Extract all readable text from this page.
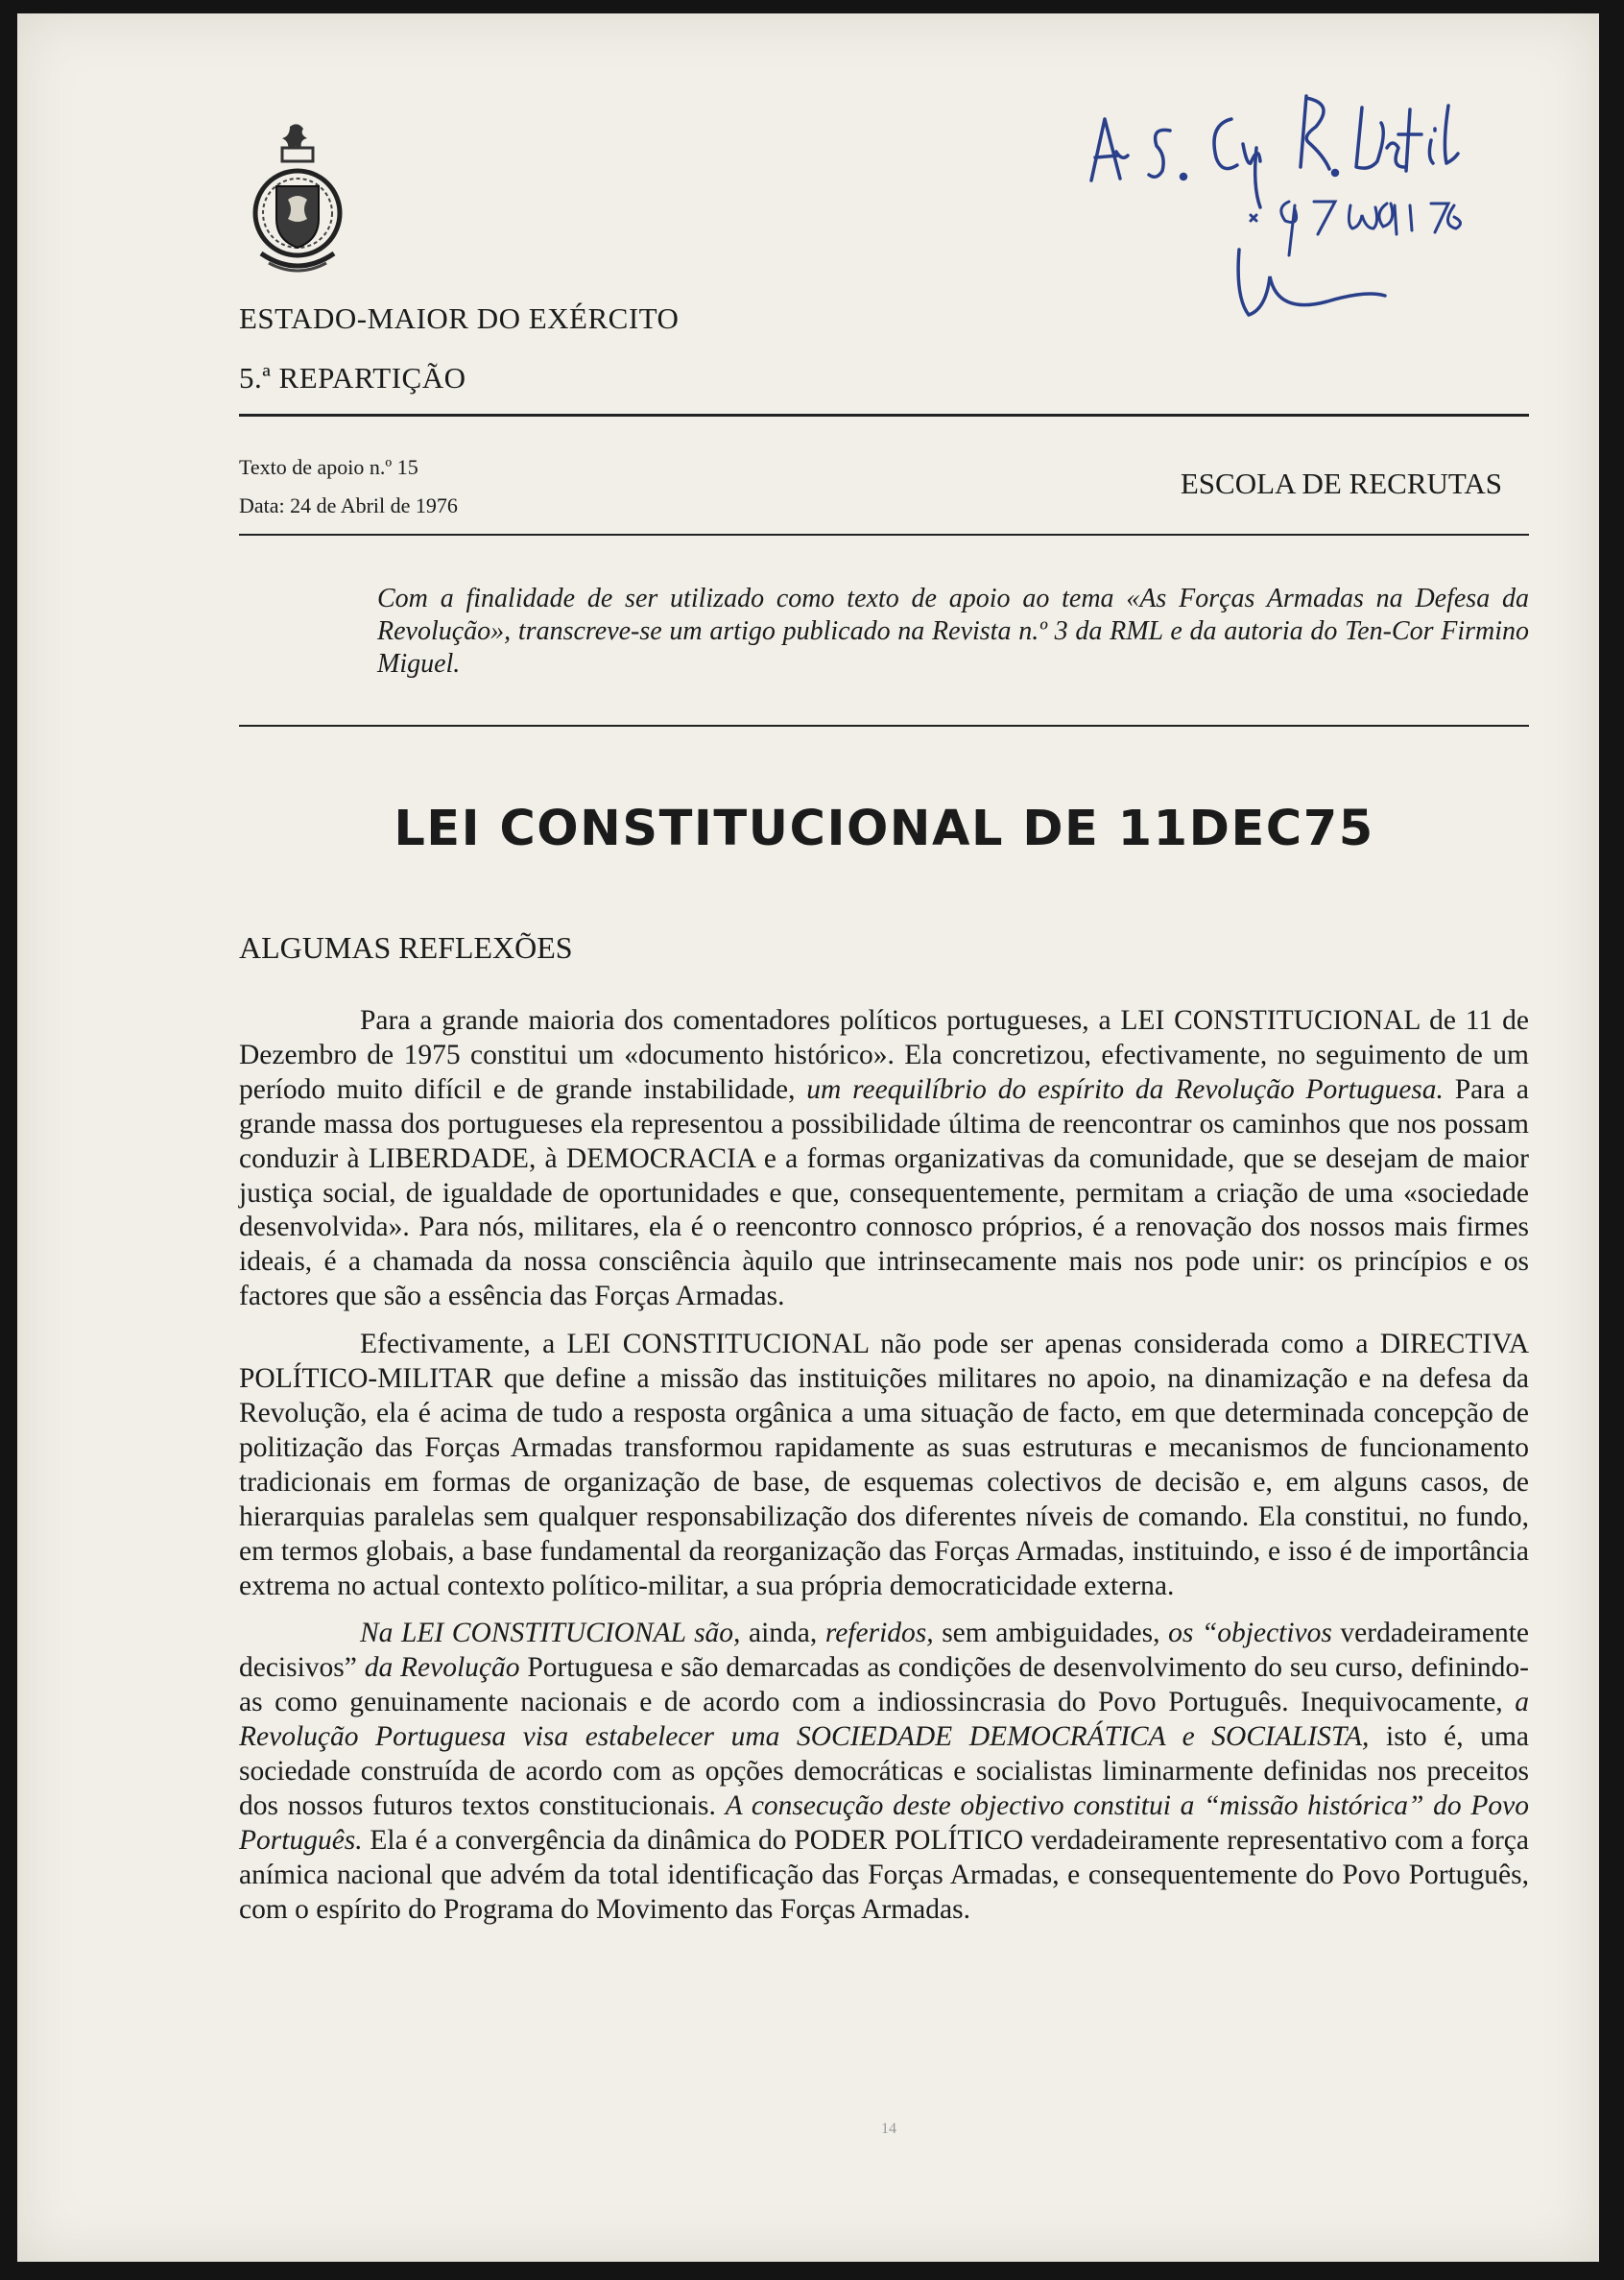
ESTADO-MAIOR DO EXÉRCITO
5.ª REPARTIÇÃO
Texto de apoio n.º 15
Data: 24 de Abril de 1976
ESCOLA DE RECRUTAS
Com a finalidade de ser utilizado como texto de apoio ao tema «As Forças Armadas na Defesa da Revolução», transcreve-se um artigo publicado na Revista n.º 3 da RML e da autoria do Ten-Cor Firmino Miguel.
LEI CONSTITUCIONAL DE 11DEC75
ALGUMAS REFLEXÕES

Para a grande maioria dos comentadores políticos portugueses, a LEI CONSTITUCIONAL de 11 de Dezembro de 1975 constitui um «documento histórico». Ela concretizou, efectivamente, no seguimento de um período muito difícil e de grande instabilidade, um reequilíbrio do espírito da Revolução Portuguesa. Para a grande massa dos portugueses ela representou a possibilidade última de reencontrar os caminhos que nos possam conduzir à LIBERDADE, à DEMOCRACIA e a formas organizativas da comunidade, que se desejam de maior justiça social, de igualdade de oportunidades e que, consequentemente, permitam a criação de uma «sociedade desenvolvida». Para nós, militares, ela é o reencontro connosco próprios, é a renovação dos nossos mais firmes ideais, é a chamada da nossa consciência àquilo que intrinsecamente mais nos pode unir: os princípios e os factores que são a essência das Forças Armadas.

Efectivamente, a LEI CONSTITUCIONAL não pode ser apenas considerada como a DIRECTIVA POLÍTICO-MILITAR que define a missão das instituições militares no apoio, na dinamização e na defesa da Revolução, ela é acima de tudo a resposta orgânica a uma situação de facto, em que determinada concepção de politização das Forças Armadas transformou rapidamente as suas estruturas e mecanismos de funcionamento tradicionais em formas de organização de base, de esquemas colectivos de decisão e, em alguns casos, de hierarquias paralelas sem qualquer responsabilização dos diferentes níveis de comando. Ela constitui, no fundo, em termos globais, a base fundamental da reorganização das Forças Armadas, instituindo, e isso é de importância extrema no actual contexto político-militar, a sua própria democraticidade externa.

Na LEI CONSTITUCIONAL são, ainda, referidos, sem ambiguidades, os “objectivos verdadeiramente decisivos” da Revolução Portuguesa e são demarcadas as condições de desenvolvimento do seu curso, definindo-as como genuinamente nacionais e de acordo com a indiossincrasia do Povo Português. Inequivocamente, a Revolução Portuguesa visa estabelecer uma SOCIEDADE DEMOCRÁTICA e SOCIALISTA, isto é, uma sociedade construída de acordo com as opções democráticas e socialistas liminarmente definidas nos preceitos dos nossos futuros textos constitucionais. A consecução deste objectivo constitui a “missão histórica” do Povo Português. Ela é a convergência da dinâmica do PODER POLÍTICO verdadeiramente representativo com a força anímica nacional que advém da total identificação das Forças Armadas, e consequentemente do Povo Português, com o espírito do Programa do Movimento das Forças Armadas.

14
